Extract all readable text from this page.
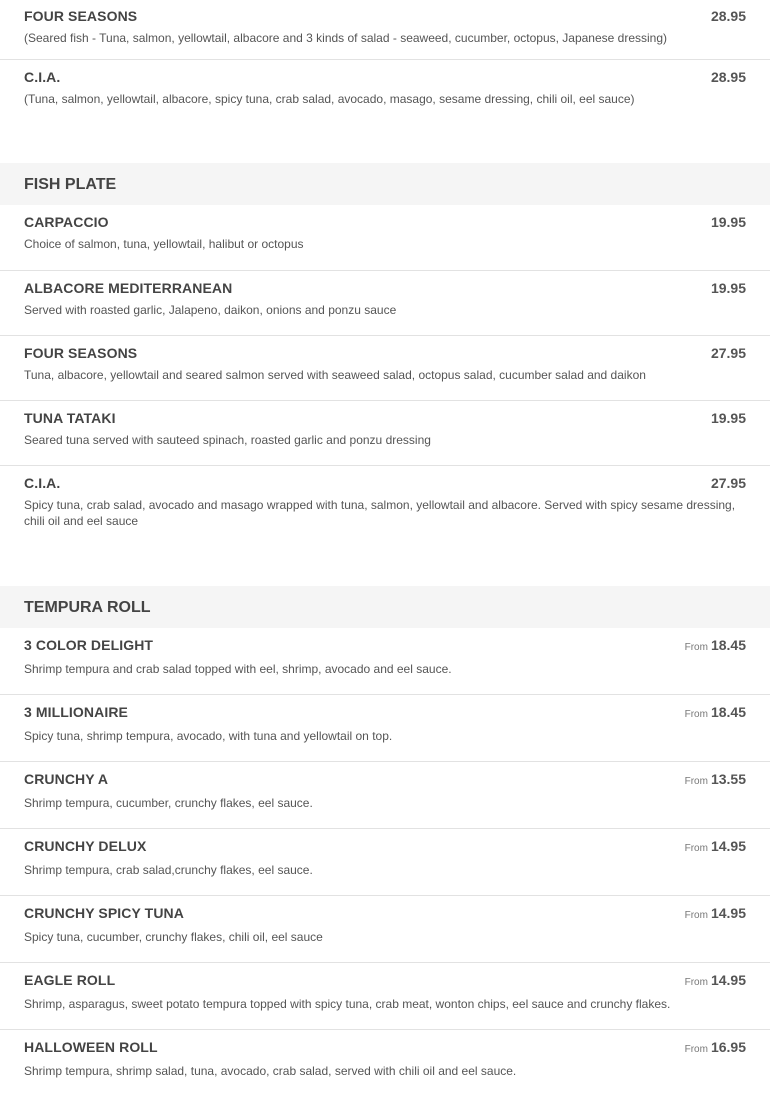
FOUR SEASONS	28.95
(Seared fish - Tuna, salmon, yellowtail, albacore and 3 kinds of salad - seaweed, cucumber, octopus, Japanese dressing)
C.I.A.	28.95
(Tuna, salmon, yellowtail, albacore, spicy tuna, crab salad, avocado, masago, sesame dressing, chili oil, eel sauce)
FISH PLATE
CARPACCIO	19.95
Choice of salmon, tuna, yellowtail, halibut or octopus
ALBACORE MEDITERRANEAN	19.95
Served with roasted garlic, Jalapeno, daikon, onions and ponzu sauce
FOUR SEASONS	27.95
Tuna, albacore, yellowtail and seared salmon served with seaweed salad, octopus salad, cucumber salad and daikon
TUNA TATAKI	19.95
Seared tuna served with sauteed spinach, roasted garlic and ponzu dressing
C.I.A.	27.95
Spicy tuna, crab salad, avocado and masago wrapped with tuna, salmon, yellowtail and albacore. Served with spicy sesame dressing, chili oil and eel sauce
TEMPURA ROLL
3 COLOR DELIGHT	From 18.45
Shrimp tempura and crab salad topped with eel, shrimp, avocado and eel sauce.
3 MILLIONAIRE	From 18.45
Spicy tuna, shrimp tempura, avocado, with tuna and yellowtail on top.
CRUNCHY A	From 13.55
Shrimp tempura, cucumber, crunchy flakes, eel sauce.
CRUNCHY DELUX	From 14.95
Shrimp tempura, crab salad,crunchy flakes, eel sauce.
CRUNCHY SPICY TUNA	From 14.95
Spicy tuna, cucumber, crunchy flakes, chili oil, eel sauce
EAGLE ROLL	From 14.95
Shrimp, asparagus, sweet potato tempura topped with spicy tuna, crab meat, wonton chips, eel sauce and crunchy flakes.
HALLOWEEN ROLL	From 16.95
Shrimp tempura, shrimp salad, tuna, avocado, crab salad, served with chili oil and eel sauce.
